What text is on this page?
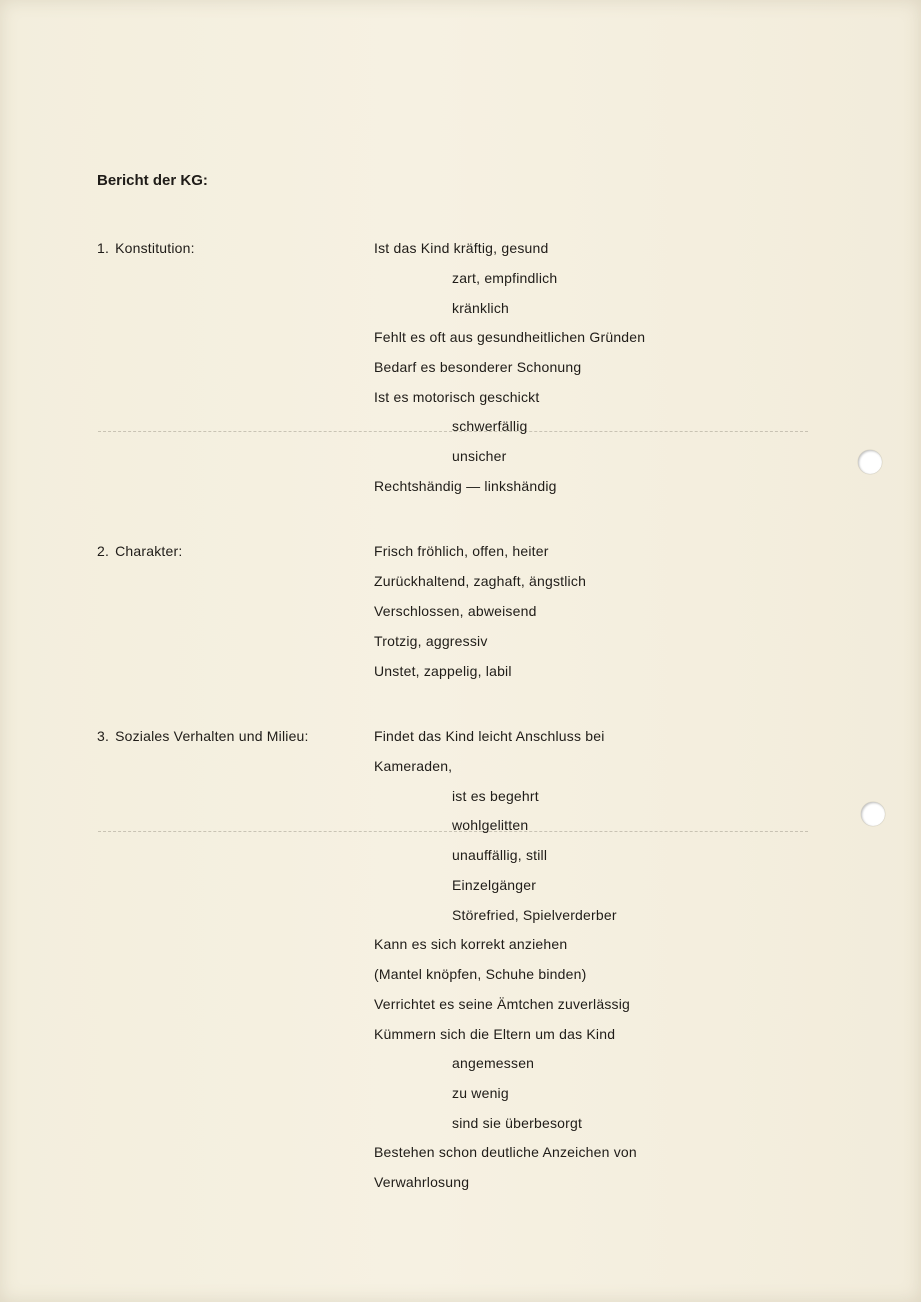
Bericht der KG:
1. Konstitution:	Ist das Kind kräftig, gesund
zart, empfindlich
kränklich
Fehlt es oft aus gesundheitlichen Gründen
Bedarf es besonderer Schonung
Ist es motorisch geschickt
schwerfällig
unsicher
Rechtshändig — linkshändig
2. Charakter:	Frisch fröhlich, offen, heiter
Zurückhaltend, zaghaft, ängstlich
Verschlossen, abweisend
Trotzig, aggressiv
Unstet, zappelig, labil
3. Soziales Verhalten und Milieu:	Findet das Kind leicht Anschluss bei
Kameraden,
ist es begehrt
wohlgelitten
unauffällig, still
Einzelgänger
Störefried, Spielverderber
Kann es sich korrekt anziehen
(Mantel knöpfen, Schuhe binden)
Verrichtet es seine Ämtchen zuverlässig
Kümmern sich die Eltern um das Kind
angemessen
zu wenig
sind sie überbesorgt
Bestehen schon deutliche Anzeichen von
Verwahrlosung
